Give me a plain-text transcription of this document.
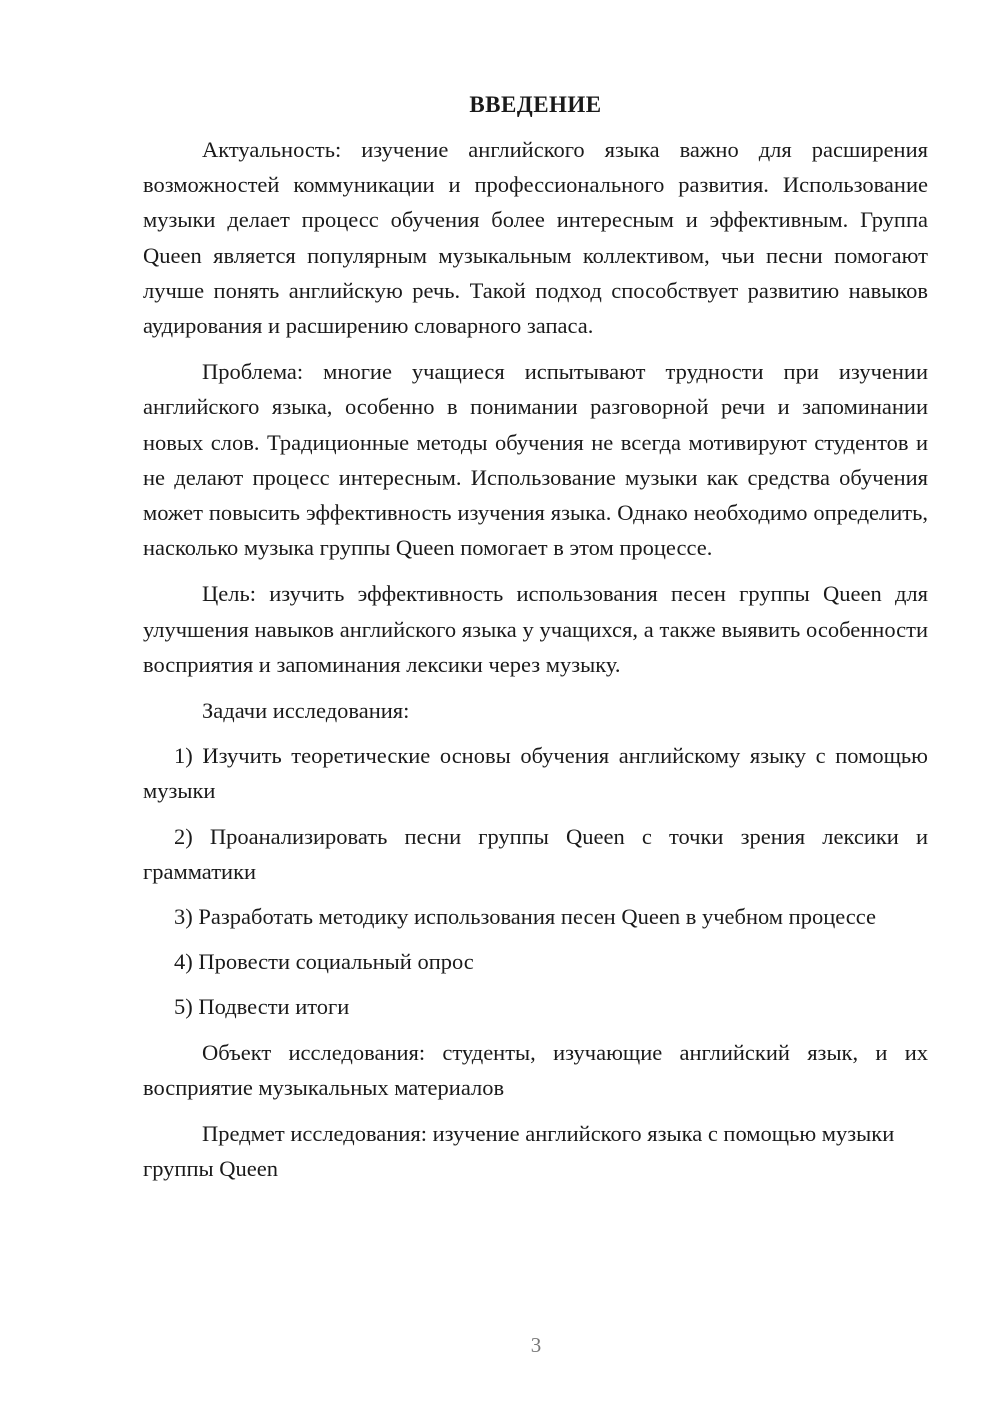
ВВЕДЕНИЕ

Актуальность: изучение английского языка важно для расширения возможностей коммуникации и профессионального развития. Использование музыки делает процесс обучения более интересным и эффективным. Группа Queen является популярным музыкальным коллективом, чьи песни помогают лучше понять английскую речь. Такой подход способствует развитию навыков аудирования и расширению словарного запаса.

Проблема: многие учащиеся испытывают трудности при изучении английского языка, особенно в понимании разговорной речи и запоминании новых слов. Традиционные методы обучения не всегда мотивируют студентов и не делают процесс интересным. Использование музыки как средства обучения может повысить эффективность изучения языка. Однако необходимо определить, насколько музыка группы Queen помогает в этом процессе.

Цель: изучить эффективность использования песен группы Queen для улучшения навыков английского языка у учащихся, а также выявить особенности восприятия и запоминания лексики через музыку.

Задачи исследования:

1) Изучить теоретические основы обучения английскому языку с помощью музыки

2) Проанализировать песни группы Queen с точки зрения лексики и грамматики

3) Разработать методику использования песен Queen в учебном процессе

4) Провести социальный опрос

5) Подвести итоги

Объект исследования: студенты, изучающие английский язык, и их восприятие музыкальных материалов

Предмет исследования: изучение английского языка с помощью музыки группы Queen

3
